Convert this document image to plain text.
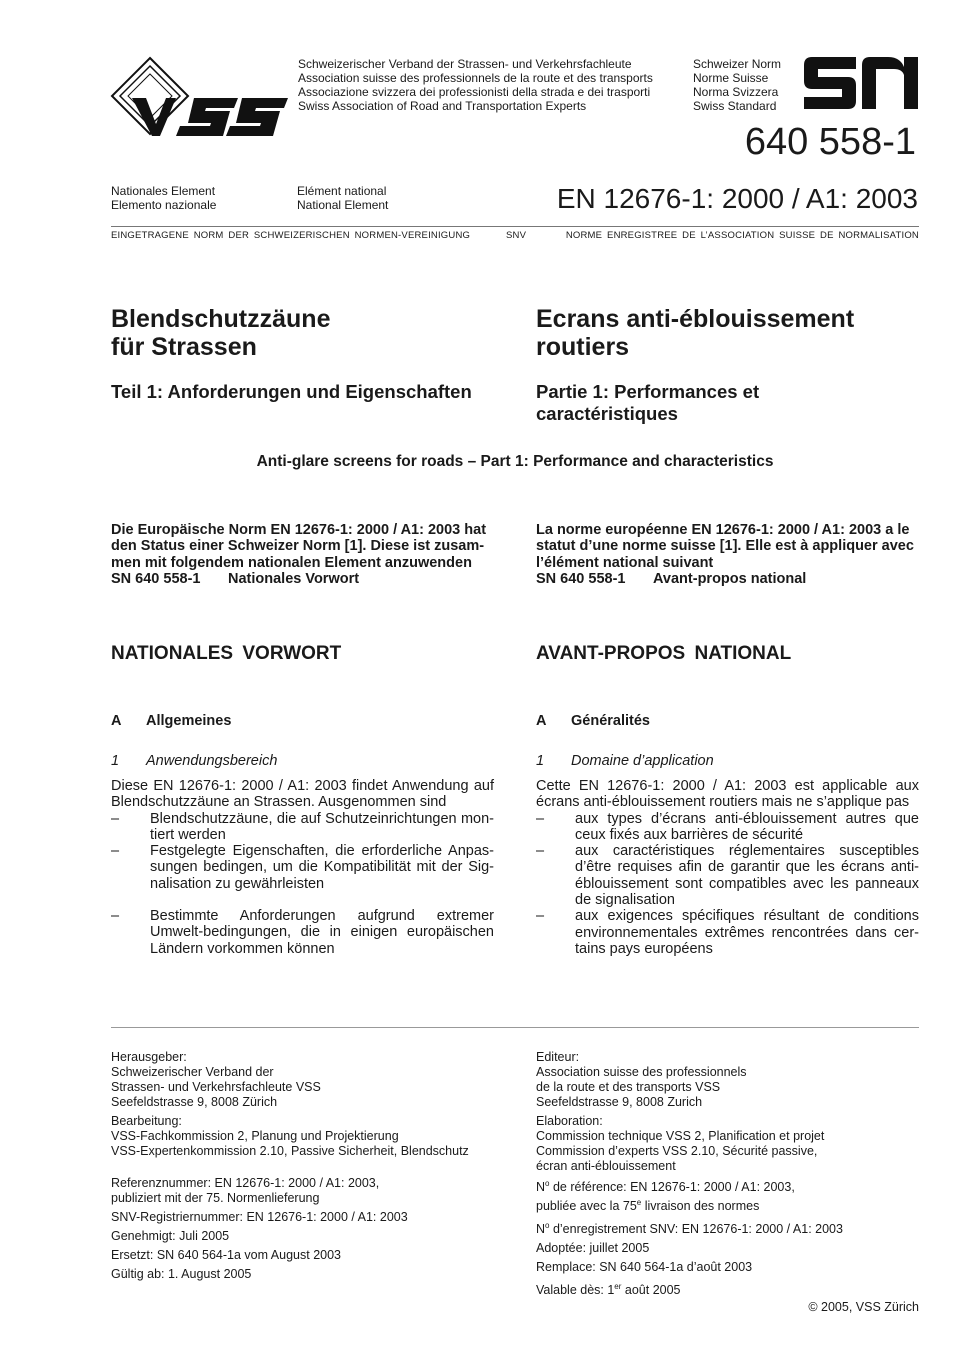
Schweizerischer Verband der Strassen- und Verkehrsfachleute
Association suisse des professionnels de la route et des transports
Associazione svizzera dei professionisti della strada e dei trasporti
Swiss Association of Road and Transportation Experts
Schweizer Norm
Norme Suisse
Norma Svizzera
Swiss Standard
640 558-1
Nationales Element
Elemento nazionale
Elément national
National Element	EN 12676-1: 2000 / A1: 2003
EINGETRAGENE NORM DER SCHWEIZERISCHEN NORMEN-VEREINIGUNG	SNV	NORME ENREGISTREE DE L’ASSOCIATION SUISSE DE NORMALISATION
Blendschutzzäune
für Strassen
Teil 1: Anforderungen und Eigenschaften
Ecrans anti-éblouissement
routiers
Partie 1: Performances et
caractéristiques
Anti-glare screens for roads – Part 1: Performance and characteristics
Die Europäische Norm EN 12676-1: 2000 / A1: 2003 hat
den Status einer Schweizer Norm [1]. Diese ist zusam-
men mit folgendem nationalen Element anzuwenden
SN 640 558-1 Nationales Vorwort
La norme européenne EN 12676-1: 2000 / A1: 2003 a le
statut d’une norme suisse [1]. Elle est à appliquer avec
l’élément national suivant
SN 640 558-1 Avant-propos national
NATIONALES VORWORT	AVANT-PROPOS NATIONAL
A Allgemeines	A Généralités
1 Anwendungsbereich	1 Domaine d’application
Diese EN 12676-1: 2000 / A1: 2003 findet Anwendung auf Blendschutzzäune an Strassen. Ausgenommen sind
– Blendschutzzäune, die auf Schutzeinrichtungen mon-tiert werden
– Festgelegte Eigenschaften, die erforderliche Anpas-sungen bedingen, um die Kompatibilität mit der Sig-nalisation zu gewährleisten
– Bestimmte Anforderungen aufgrund extremer Umwelt-bedingungen, die in einigen europäischen Ländern vorkommen können
Cette EN 12676-1: 2000 / A1: 2003 est applicable aux écrans anti-éblouissement routiers mais ne s’applique pas
– aux types d’écrans anti-éblouissement autres que ceux fixés aux barrières de sécurité
– aux caractéristiques réglementaires susceptibles d’être requises afin de garantir que les écrans anti-éblouissement sont compatibles avec les panneaux de signalisation
– aux exigences spécifiques résultant de conditions environnementales extrêmes rencontrées dans cer-tains pays européens
Herausgeber:
Schweizerischer Verband der
Strassen- und Verkehrsfachleute VSS
Seefeldstrasse 9, 8008 Zürich
Bearbeitung:
VSS-Fachkommission 2, Planung und Projektierung
VSS-Expertenkommission 2.10, Passive Sicherheit, Blendschutz
Referenznummer: EN 12676-1: 2000 / A1: 2003,
publiziert mit der 75. Normenlieferung
SNV-Registriernummer: EN 12676-1: 2000 / A1: 2003
Genehmigt: Juli 2005
Ersetzt: SN 640 564-1a vom August 2003
Gültig ab: 1. August 2005
Editeur:
Association suisse des professionnels
de la route et des transports VSS
Seefeldstrasse 9, 8008 Zurich
Elaboration:
Commission technique VSS 2, Planification et projet
Commission d’experts VSS 2.10, Sécurité passive,
écran anti-éblouissement
$N^o$ de référence: EN 12676-1: 2000 / A1: 2003,
publiée avec la 75e livraison des normes
$N^o$ d’enregistrement SNV: EN 12676-1: 2000 / A1: 2003
Adoptée: juillet 2005
Remplace: SN 640 564-1a d’août 2003
Valable dès: 1er août 2005
© 2005, VSS Zürich
